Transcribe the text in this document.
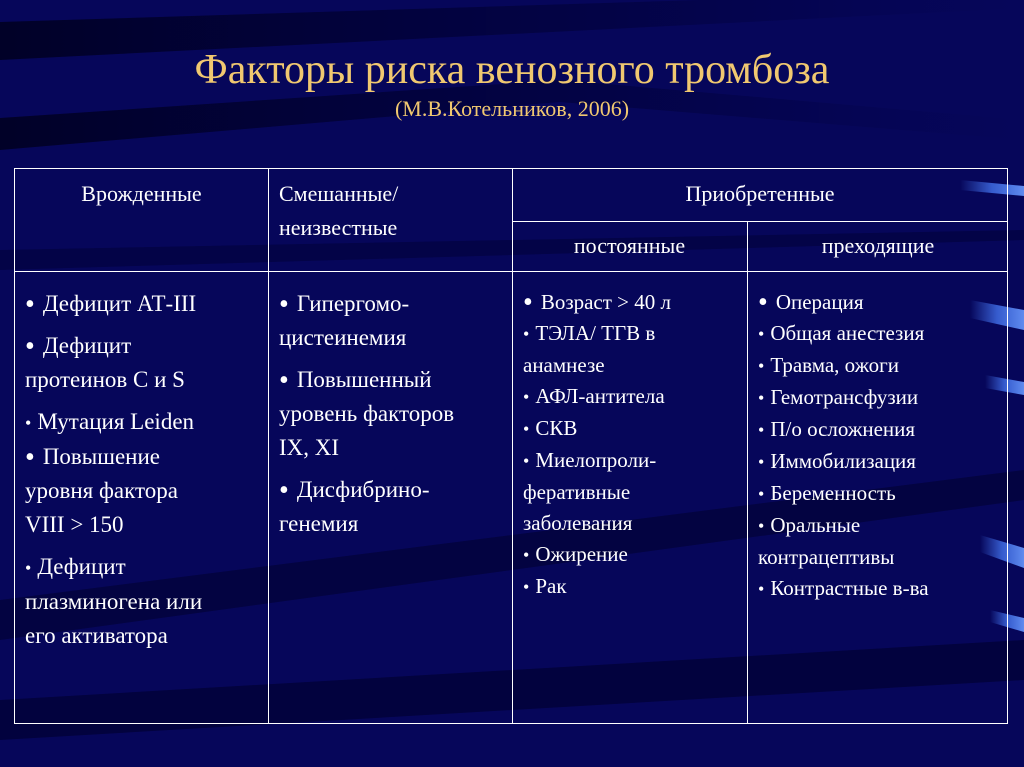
Факторы риска венозного тромбоза
(М.В.Котельников, 2006)
Врожденные	Смешанные/
неизвестные
Приобретенные
постоянные	преходящие
• Дефицит АТ-III
• Дефицит
протеинов С и S
• Мутация Leiden
• Повышение
уровня фактора
VIII > 150
• Дефицит
плазминогена или
его активатора
• Гипергомо-
цистеинемия
• Повышенный
уровень факторов
IX, XI
• Дисфибрино-
генемия
• Возраст > 40 л
• ТЭЛА/ ТГВ в
анамнезе
• АФЛ-антитела
• СКВ
• Миелопроли-
феративные
заболевания
• Ожирение
• Рак
• Операция
• Общая анестезия
• Травма, ожоги
• Гемотрансфузии
• П/о осложнения
• Иммобилизация
• Беременность
• Оральные
контрацептивы
• Контрастные в-ва
